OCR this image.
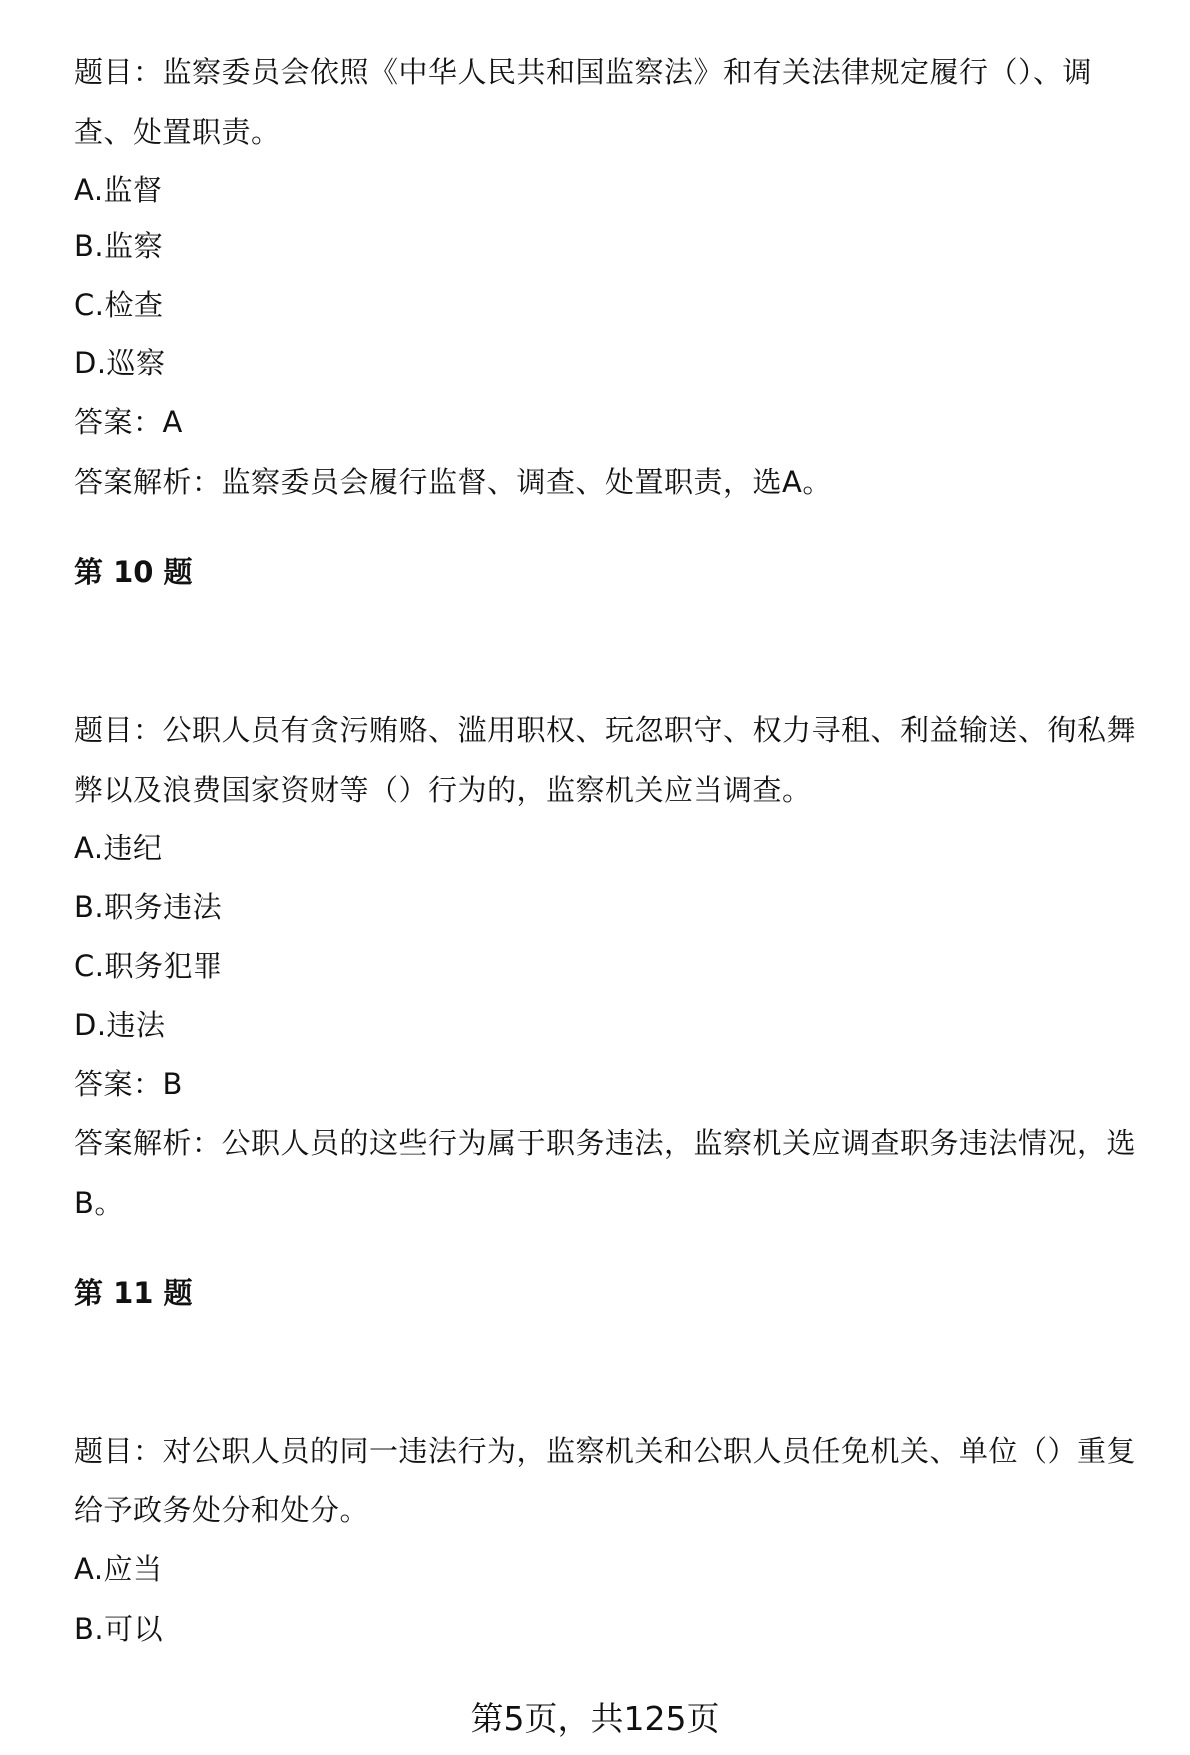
题目：监察委员会依照《中华人民共和国监察法》和有关法律规定履行（）、调
查、处置职责。
A.监督
B.监察
C.检查
D.巡察
答案：A
答案解析：监察委员会履行监督、调查、处置职责，选A。
第 10 题
题目：公职人员有贪污贿赂、滥用职权、玩忽职守、权力寻租、利益输送、徇私舞
弊以及浪费国家资财等（）行为的，监察机关应当调查。
A.违纪
B.职务违法
C.职务犯罪
D.违法
答案：B
答案解析：公职人员的这些行为属于职务违法，监察机关应调查职务违法情况，选
B。
第 11 题
题目：对公职人员的同一违法行为，监察机关和公职人员任免机关、单位（）重复
给予政务处分和处分。
A.应当
B.可以
第5页，共125页
